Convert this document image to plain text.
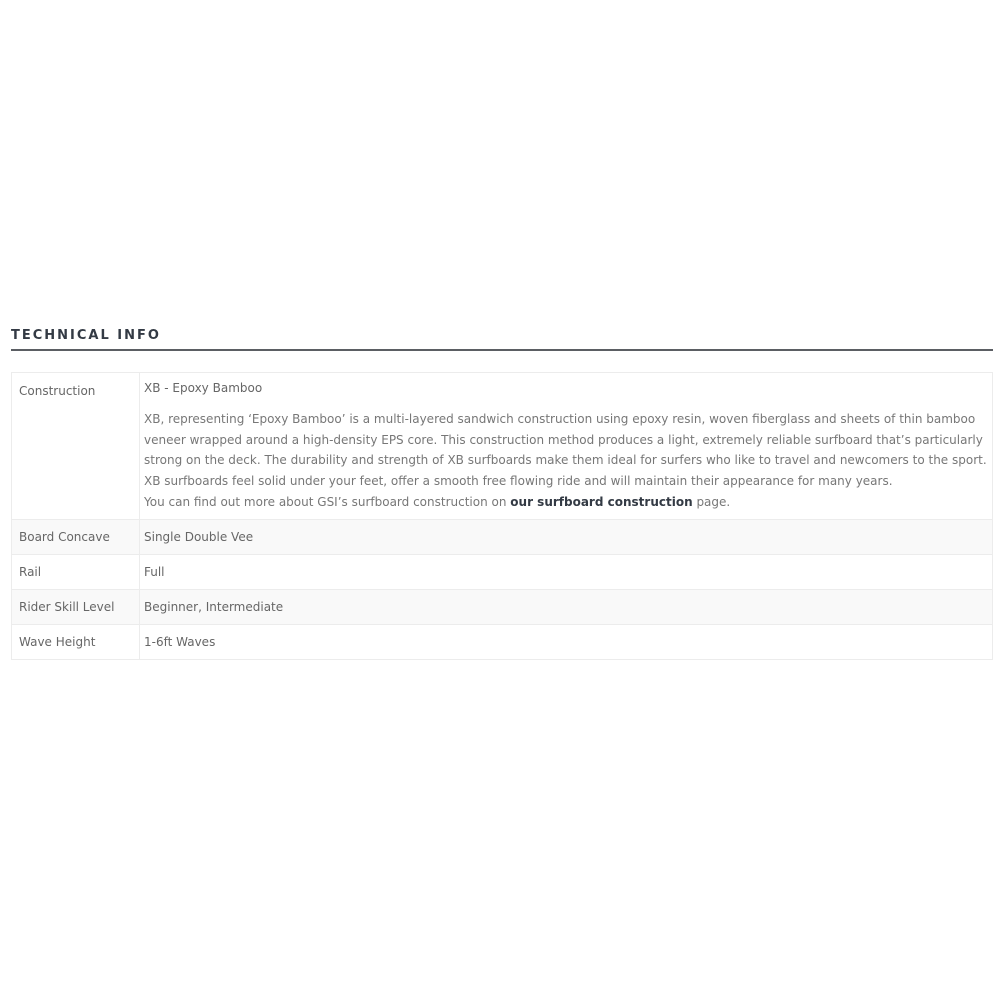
TECHNICAL INFO
Construction	XB - Epoxy Bamboo

XB, representing ‘Epoxy Bamboo’ is a multi-layered sandwich construction using epoxy resin, woven fiberglass and sheets of thin bamboo veneer wrapped around a high-density EPS core. This construction method produces a light, extremely reliable surfboard that’s particularly strong on the deck. The durability and strength of XB surfboards make them ideal for surfers who like to travel and newcomers to the sport. XB surfboards feel solid under your feet, offer a smooth free flowing ride and will maintain their appearance for many years.
You can find out more about GSI’s surfboard construction on our surfboard construction page.

Board Concave	Single Double Vee
Rail	Full
Rider Skill Level	Beginner, Intermediate
Wave Height	1-6ft Waves
